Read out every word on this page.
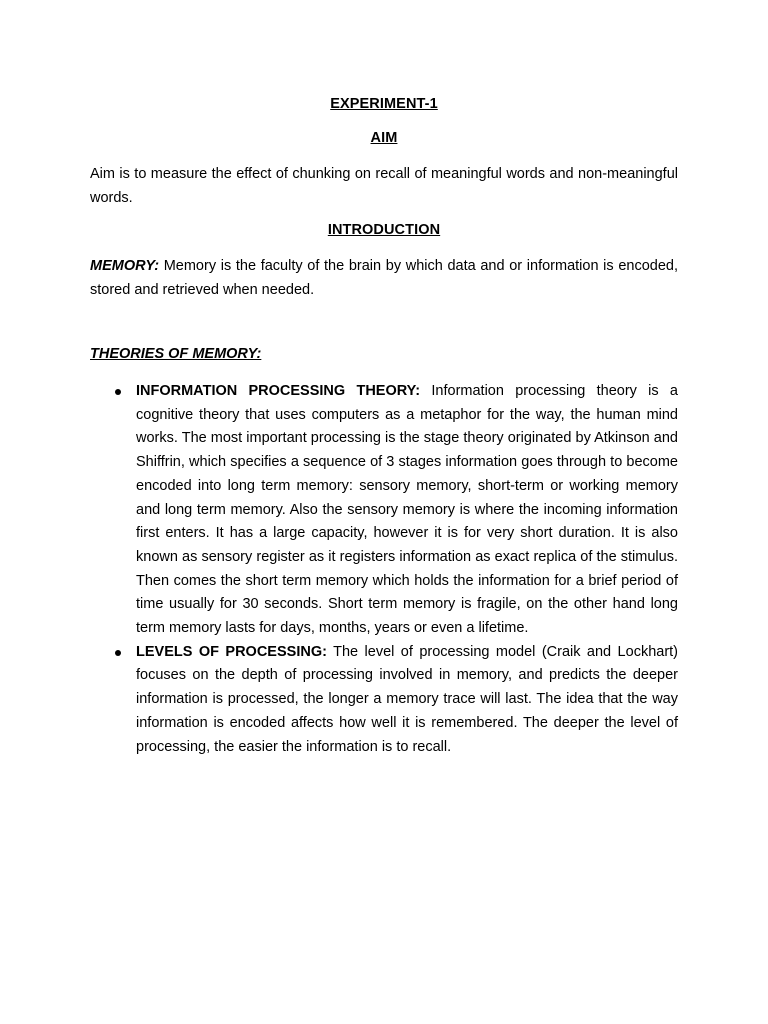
EXPERIMENT-1
AIM

Aim is to measure the effect of chunking on recall of meaningful words and non-meaningful words.

INTRODUCTION

MEMORY: Memory is the faculty of the brain by which data and or information is encoded, stored and retrieved when needed.

THEORIES OF MEMORY:

INFORMATION PROCESSING THEORY: Information processing theory is a cognitive theory that uses computers as a metaphor for the way, the human mind works. The most important processing is the stage theory originated by Atkinson and Shiffrin, which specifies a sequence of 3 stages information goes through to become encoded into long term memory: sensory memory, short-term or working memory and long term memory. Also the sensory memory is where the incoming information first enters. It has a large capacity, however it is for very short duration. It is also known as sensory register as it registers information as exact replica of the stimulus. Then comes the short term memory which holds the information for a brief period of time usually for 30 seconds. Short term memory is fragile, on the other hand long term memory lasts for days, months, years or even a lifetime.

LEVELS OF PROCESSING: The level of processing model (Craik and Lockhart) focuses on the depth of processing involved in memory, and predicts the deeper information is processed, the longer a memory trace will last. The idea that the way information is encoded affects how well it is remembered. The deeper the level of processing, the easier the information is to recall.
